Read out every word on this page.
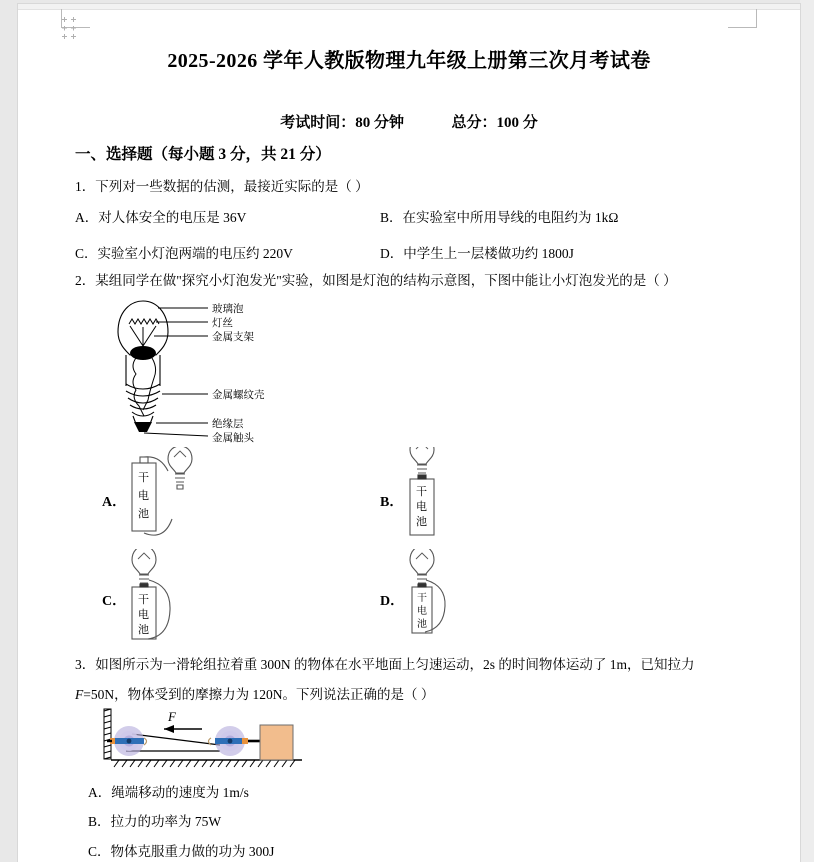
2025-2026 学年人教版物理九年级上册第三次月考试卷
考试时间：80 分钟	总分：100 分
一、选择题（每小题 3 分，共 21 分）
1．下列对一些数据的估测，最接近实际的是（ ）
A．对人体安全的电压是 36V	B．在实验室中所用导线的电阻约为 1kΩ
C．实验室小灯泡两端的电压约 220V	D．中学生上一层楼做功约 1800J
2．某组同学在做"探究小灯泡发光"实验，如图是灯泡的结构示意图，下图中能让小灯泡发光的是（ ）
玻璃泡
灯丝
金属支架
金属螺纹壳
绝缘层
金属触头
A．
干
电
池
B．
干
电
池
C． 干
电
池
D． 干
电
池
3．如图所示为一滑轮组拉着重 300N 的物体在水平地面上匀速运动，2s 的时间物体运动了 1m，已知拉力
F=50N，物体受到的摩擦力为 120N。下列说法正确的是（ ）
F
A．绳端移动的速度为 1m/s
B．拉力的功率为 75W
C．物体克服重力做的功为 300J
